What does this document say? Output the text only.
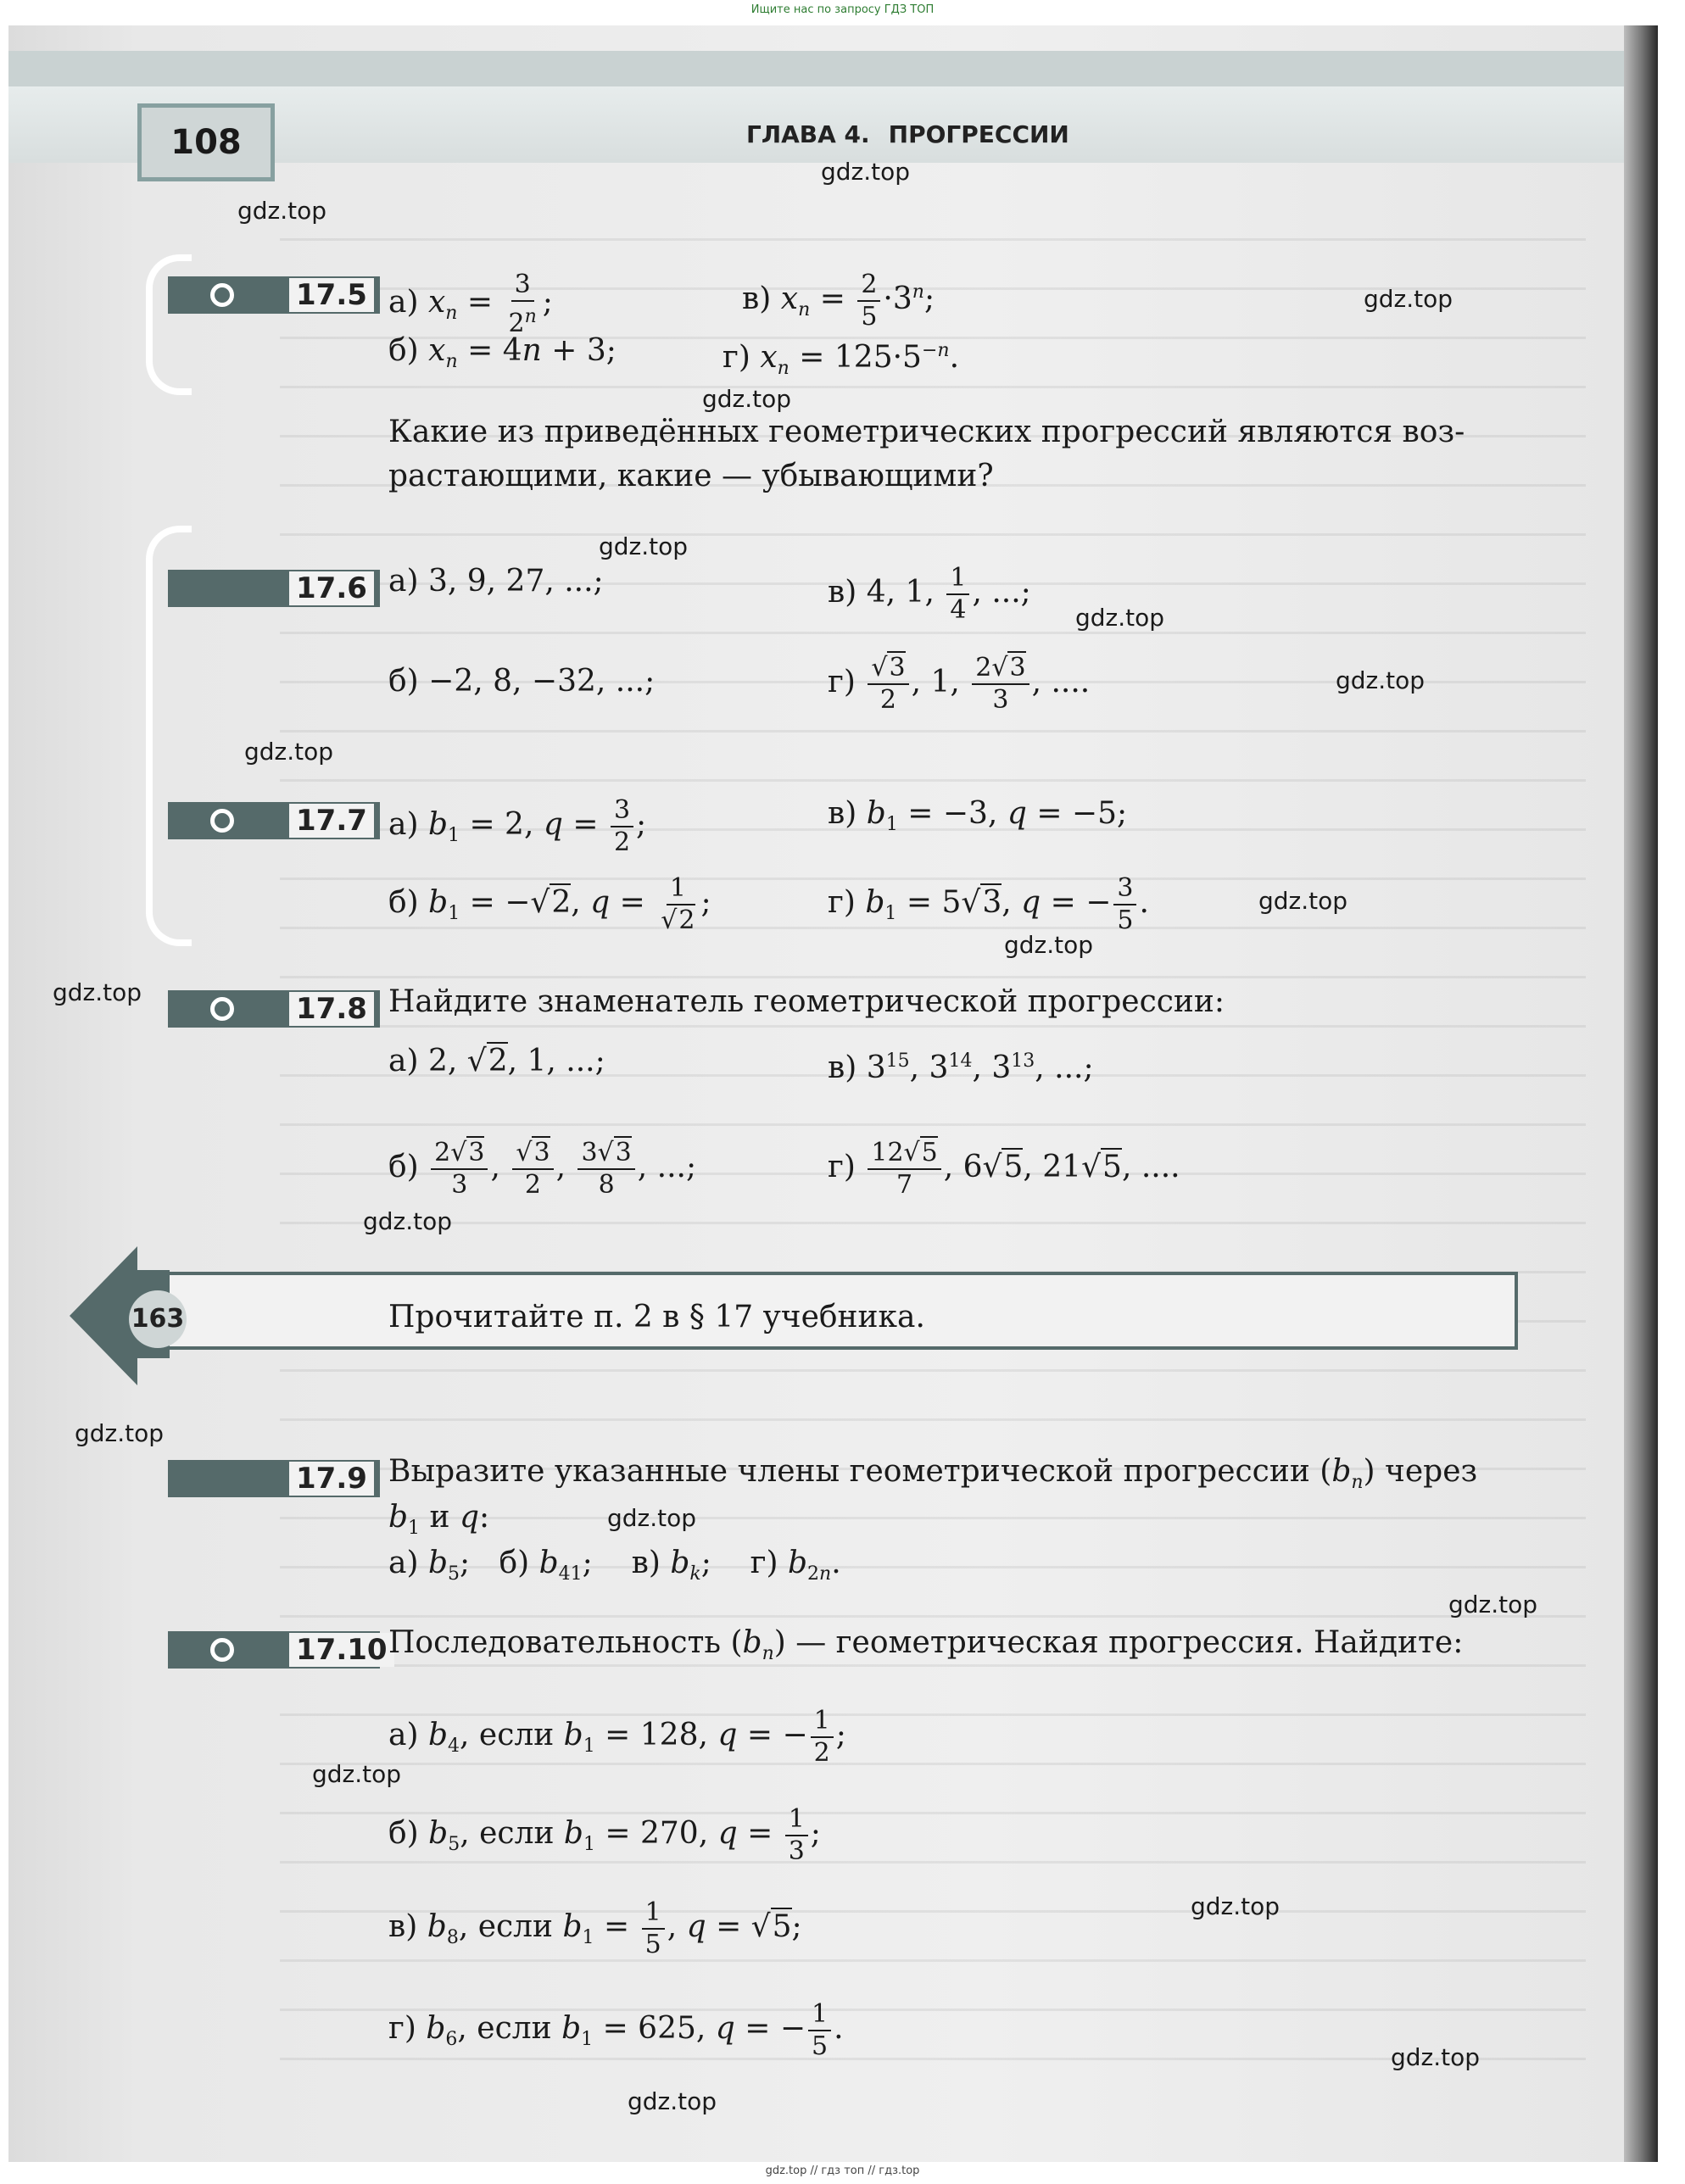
Ищите нас по запросу ГДЗ ТОП
108	ГЛАВА 4. ПРОГРЕССИИ
gdz.top
gdz.top
gdz.top
gdz.top
gdz.top
gdz.top
gdz.top
gdz.top
gdz.top
gdz.top
gdz.top
gdz.top
gdz.top
gdz.top
gdz.top
gdz.top
gdz.top
gdz.top
gdz.top
17.5 а) $x_n = \frac{3}{2^n}$ ;	в) $x_n = \frac{2}{5} \cdot 3^n$;
б) $x_n = 4n + 3$;	г) $x_n = 125\cdot 5^{-n}$.
Какие из приведённых геометрических прогрессий являются воз-
растающими, какие — убывающими?
17.6 а) 3, 9, 27, ...;	в) 4, 1, $\frac{1}{4}$ , ...;
б) −2, 8, −32, ...;	$г) \frac{√3}{2}$ , 1, $\frac{2√3}{3}$ , ....
17.7 а) $b_1 = 2$, $q = \frac{3}{2}$ ;	в) $b_1 = -3$, q = −5;
б) $b_1 = -√2$, $q = \frac{1}{√2}$ ;	г) $b_1 = 5√3$, q = − $\frac{3}{5}$ .
17.8 Найдите знаменатель геометрической прогрессии:
а) 2, √2, 1, ...;	в) $3^{15}$, $3^{14}$, $3^{13}$, ...;
$б) \frac{2√3}{3}$ , $\frac{√3}{2}$ , $\frac{3√3}{8}$ , ...;	$г) \frac{12√5}{7}$ , 6√5, 21√5, ....
163	Прочитайте п. 2 в § 17 учебника.
17.9 Выразите указанные члены геометрической прогрессии $(b_n)$ через
$b_1$ и q:
а) $b_5$;   б) $b_{41}$;    в) $b_k$;    г) $b_{2n}$.
17.10 Последовательность $(b_n)$ — геометрическая прогрессия. Найдите:
а) $b_4$, если $b_1 = 128$, q = − $\frac{1}{2}$ ;
б) $b_5$, если $b_1 = 270$, $q = \frac{1}{3}$ ;
в) $b_8$, если $b_1 = \frac{1}{5}$ , q = √5;
г) $b_6$, если $b_1 = 625$, q = − $\frac{1}{5}$ .
gdz.top // гдз топ // гдз.top
